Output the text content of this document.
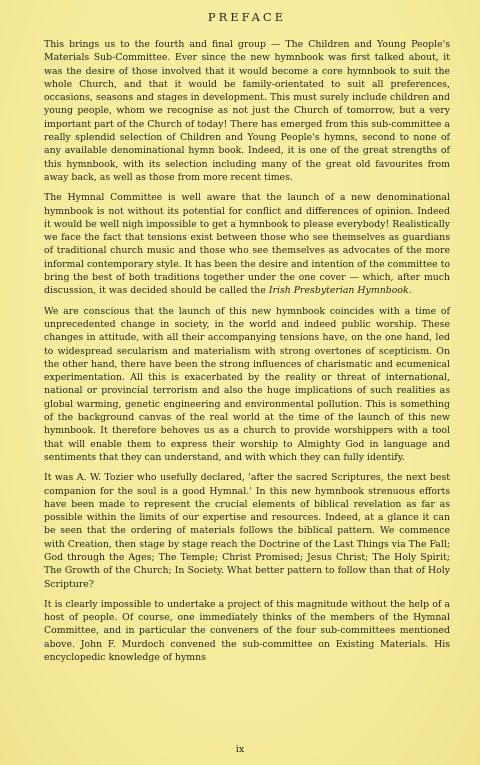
PREFACE

This brings us to the fourth and final group — The Children and Young People's Materials Sub-Committee. Ever since the new hymnbook was first talked about, it was the desire of those involved that it would become a core hymnbook to suit the whole Church, and that it would be family-orientated to suit all preferences, occasions, seasons and stages in development. This must surely include children and young people, whom we recognise as not just the Church of tomorrow, but a very important part of the Church of today! There has emerged from this sub-committee a really splendid selection of Children and Young People's hymns, second to none of any available denominational hymn book. Indeed, it is one of the great strengths of this hymnbook, with its selection including many of the great old favourites from away back, as well as those from more recent times.

The Hymnal Committee is well aware that the launch of a new denominational hymnbook is not without its potential for conflict and differences of opinion. Indeed it would be well nigh impossible to get a hymnbook to please everybody! Realistically we face the fact that tensions exist between those who see themselves as guardians of traditional church music and those who see themselves as advocates of the more informal contemporary style. It has been the desire and intention of the committee to bring the best of both traditions together under the one cover — which, after much discussion, it was decided should be called the Irish Presbyterian Hymnbook.

We are conscious that the launch of this new hymnbook coincides with a time of unprecedented change in society, in the world and indeed public worship. These changes in attitude, with all their accompanying tensions have, on the one hand, led to widespread secularism and materialism with strong overtones of scepticism. On the other hand, there have been the strong influences of charismatic and ecumenical experimentation. All this is exacerbated by the reality or threat of international, national or provincial terrorism and also the huge implications of such realities as global warming, genetic engineering and environmental pollution. This is something of the background canvas of the real world at the time of the launch of this new hymnbook. It therefore behoves us as a church to provide worshippers with a tool that will enable them to express their worship to Almighty God in language and sentiments that they can understand, and with which they can fully identify.

It was A. W. Tozier who usefully declared, 'after the sacred Scriptures, the next best companion for the soul is a good Hymnal.' In this new hymnbook strenuous efforts have been made to represent the crucial elements of biblical revelation as far as possible within the limits of our expertise and resources. Indeed, at a glance it can be seen that the ordering of materials follows the biblical pattern. We commence with Creation, then stage by stage reach the Doctrine of the Last Things via The Fall; God through the Ages; The Temple; Christ Promised; Jesus Christ; The Holy Spirit; The Growth of the Church; In Society. What better pattern to follow than that of Holy Scripture?

It is clearly impossible to undertake a project of this magnitude without the help of a host of people. Of course, one immediately thinks of the members of the Hymnal Committee, and in particular the conveners of the four sub-committees mentioned above. John F. Murdoch convened the sub-committee on Existing Materials. His encyclopedic knowledge of hymns

ix
